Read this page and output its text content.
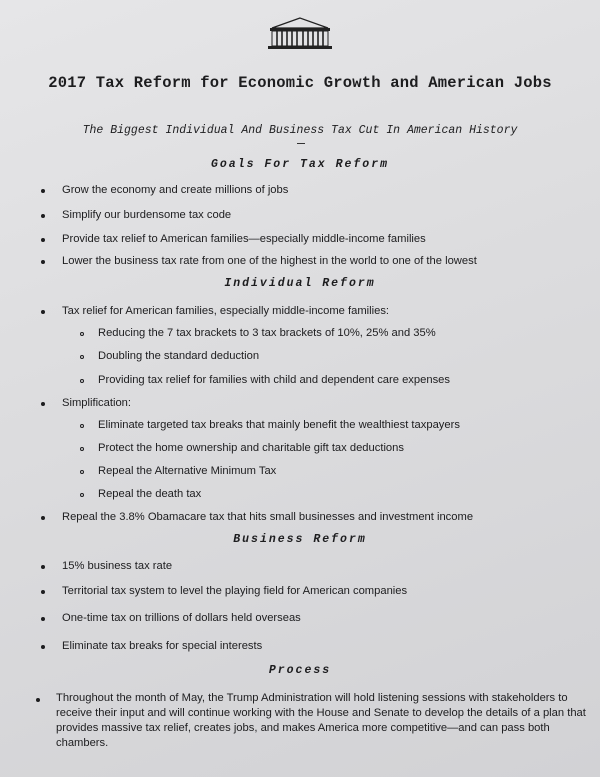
2017 Tax Reform for Economic Growth and American Jobs
The Biggest Individual And Business Tax Cut In American History
Goals For Tax Reform
Grow the economy and create millions of jobs
Simplify our burdensome tax code
Provide tax relief to American families—especially middle-income families
Lower the business tax rate from one of the highest in the world to one of the lowest
Individual Reform
Tax relief for American families, especially middle-income families:
Reducing the 7 tax brackets to 3 tax brackets of 10%, 25% and 35%
Doubling the standard deduction
Providing tax relief for families with child and dependent care expenses
Simplification:
Eliminate targeted tax breaks that mainly benefit the wealthiest taxpayers
Protect the home ownership and charitable gift tax deductions
Repeal the Alternative Minimum Tax
Repeal the death tax
Repeal the 3.8% Obamacare tax that hits small businesses and investment income
Business Reform
15% business tax rate
Territorial tax system to level the playing field for American companies
One-time tax on trillions of dollars held overseas
Eliminate tax breaks for special interests
Process
Throughout the month of May, the Trump Administration will hold listening sessions with stakeholders to receive their input and will continue working with the House and Senate to develop the details of a plan that provides massive tax relief, creates jobs, and makes America more competitive—and can pass both chambers.
